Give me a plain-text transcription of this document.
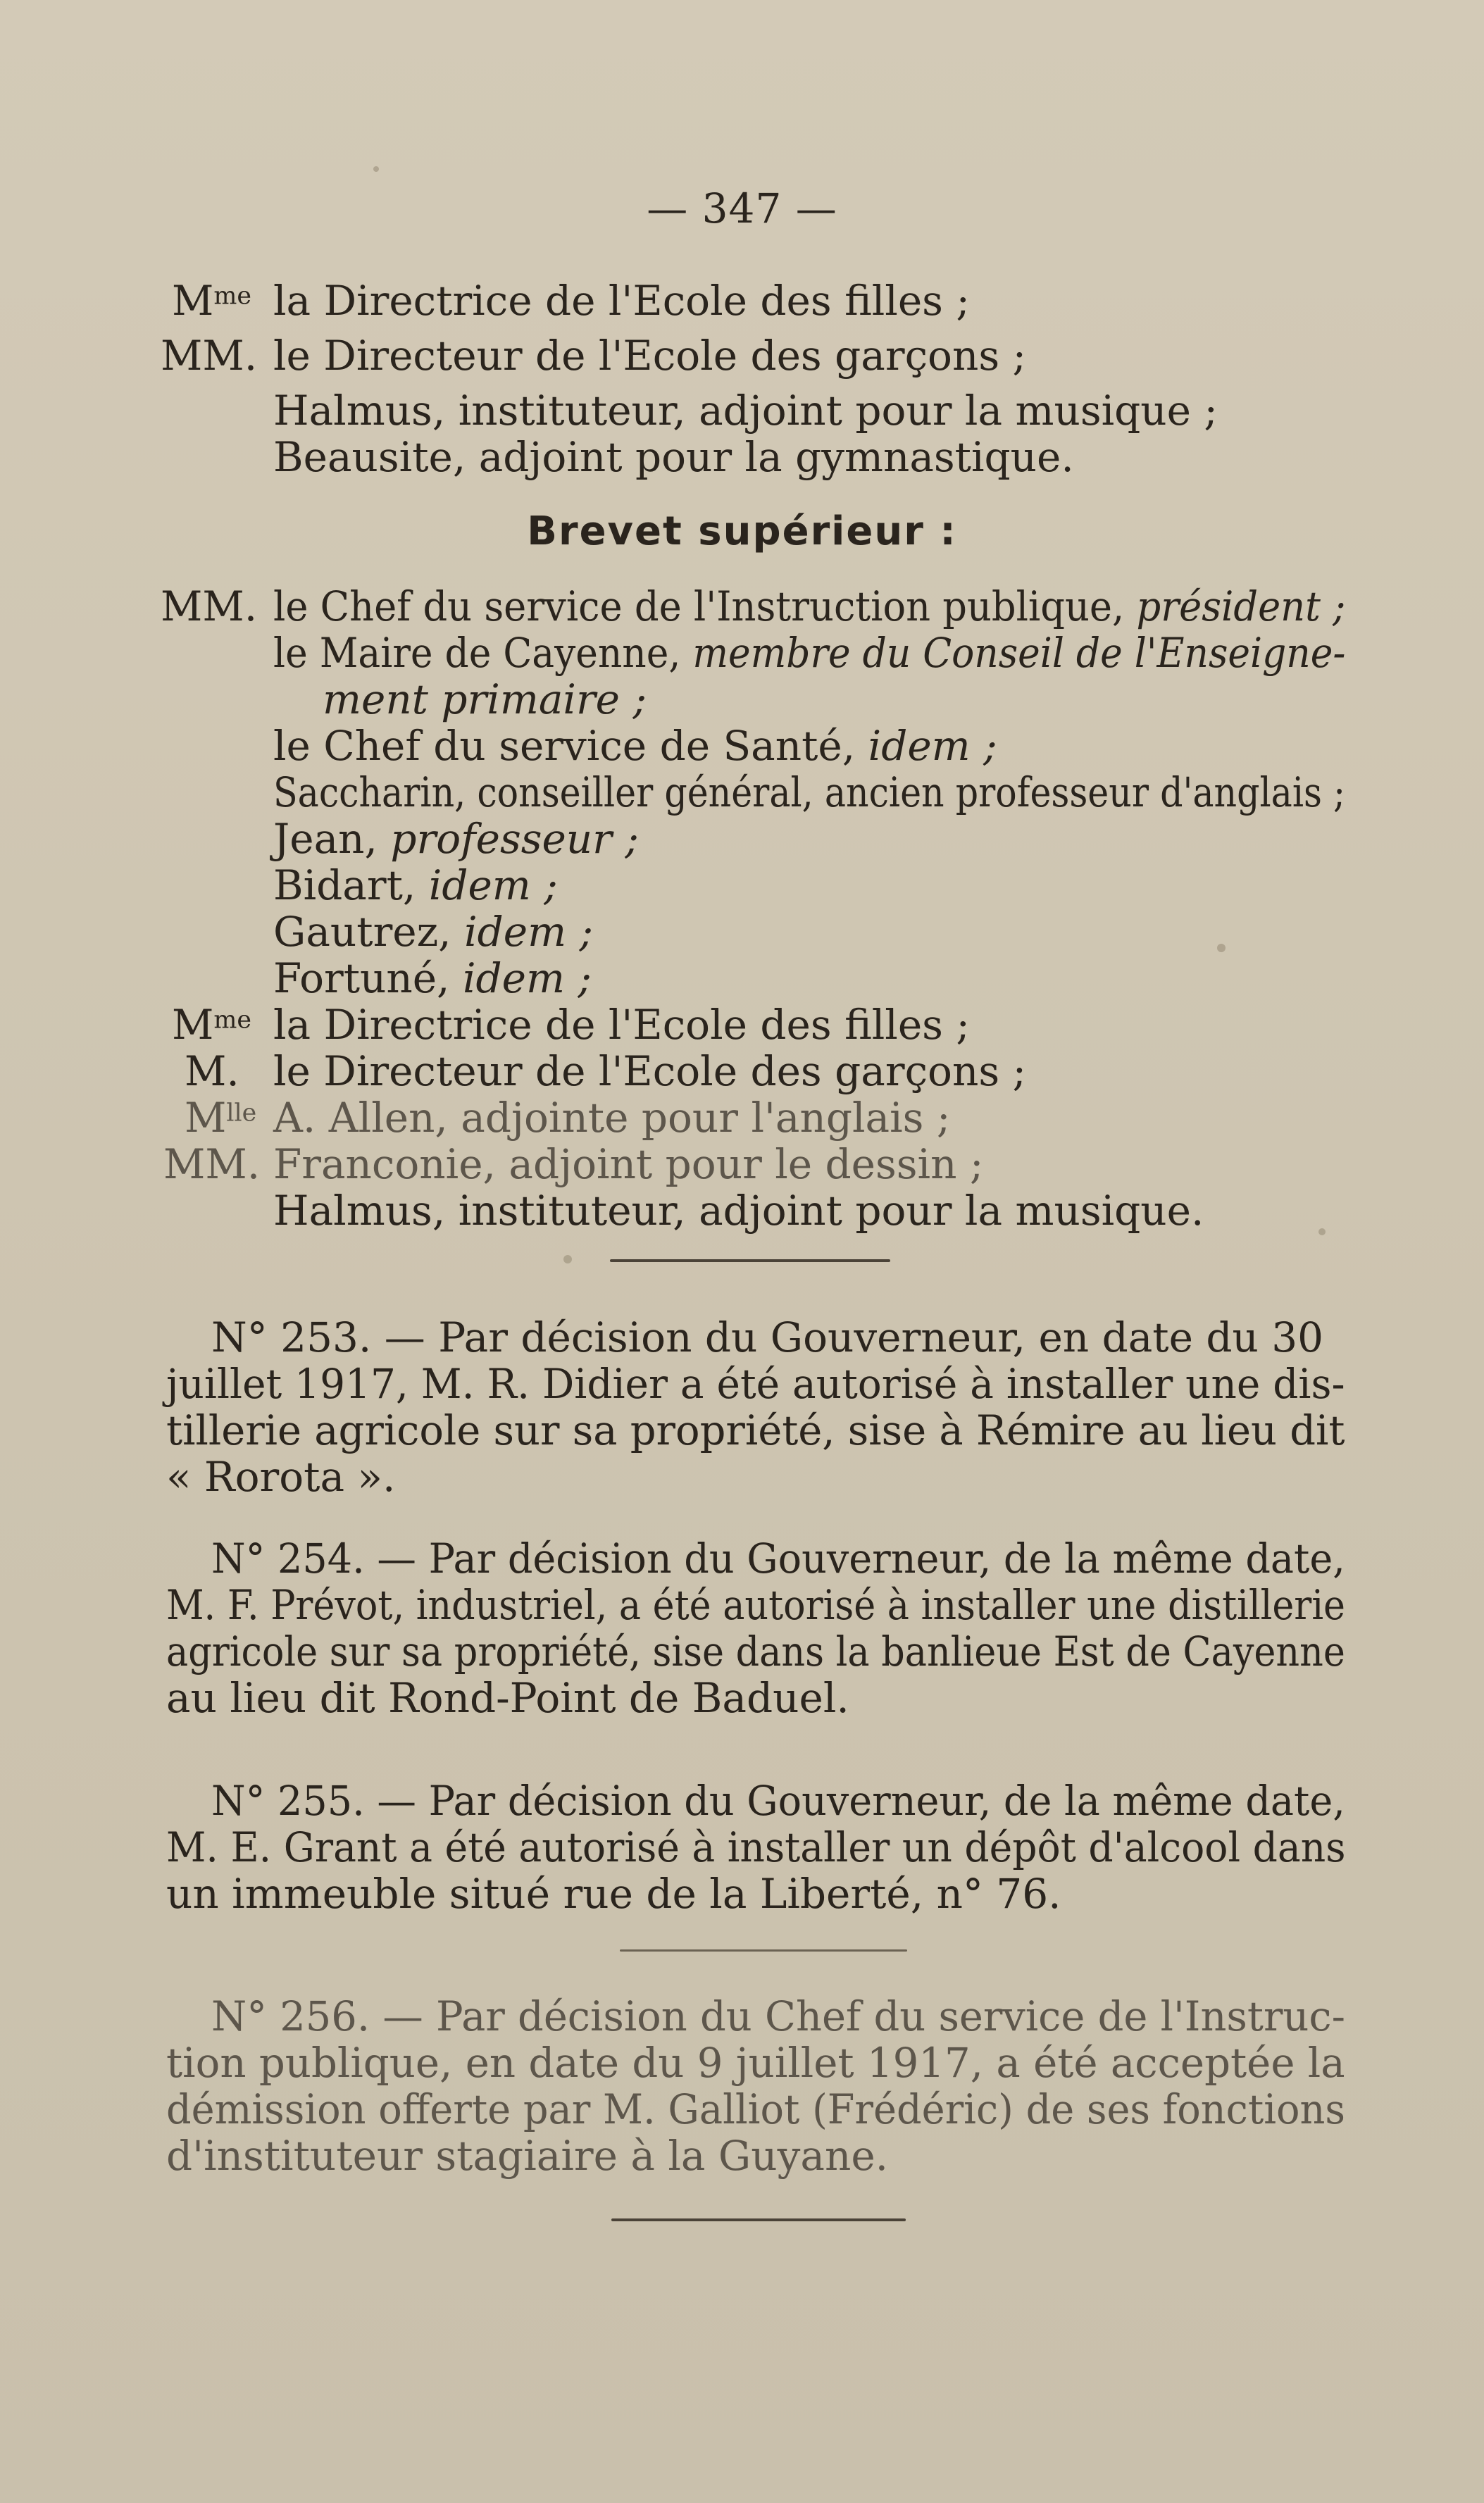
— 347 —
$M^{me}$ la Directrice de l'Ecole des filles ;
MM. le Directeur de l'Ecole des garçons ;
Halmus, instituteur, adjoint pour la musique ;
Beausite, adjoint pour la gymnastique.
Brevet supérieur :
MM. le Chef du service de l'Instruction publique, président ;
le Maire de Cayenne, membre du Conseil de l'Enseigne-
ment primaire ;
le Chef du service de Santé, idem ;
Saccharin, conseiller général, ancien professeur d'anglais ;
Jean, professeur ;
Bidart, idem ;
Gautrez, idem ;
Fortuné, idem ;
$M^{me}$ la Directrice de l'Ecole des filles ;
M. le Directeur de l'Ecole des garçons ;
$M^{lle}$ A. Allen, adjointe pour l'anglais ;
MM. Franconie, adjoint pour le dessin ;
Halmus, instituteur, adjoint pour la musique.
N° 253. — Par décision du Gouverneur, en date du 30
juillet 1917, M. R. Didier a été autorisé à installer une dis-
tillerie agricole sur sa propriété, sise à Rémire au lieu dit
« Rorota ».
N° 254. — Par décision du Gouverneur, de la même date,
M. F. Prévot, industriel, a été autorisé à installer une distillerie
agricole sur sa propriété, sise dans la banlieue Est de Cayenne
au lieu dit Rond-Point de Baduel.
N° 255. — Par décision du Gouverneur, de la même date,
M. E. Grant a été autorisé à installer un dépôt d'alcool dans
un immeuble situé rue de la Liberté, n° 76.
N° 256. — Par décision du Chef du service de l'Instruc-
tion publique, en date du 9 juillet 1917, a été acceptée la
démission offerte par M. Galliot (Frédéric) de ses fonctions
d'instituteur stagiaire à la Guyane.
